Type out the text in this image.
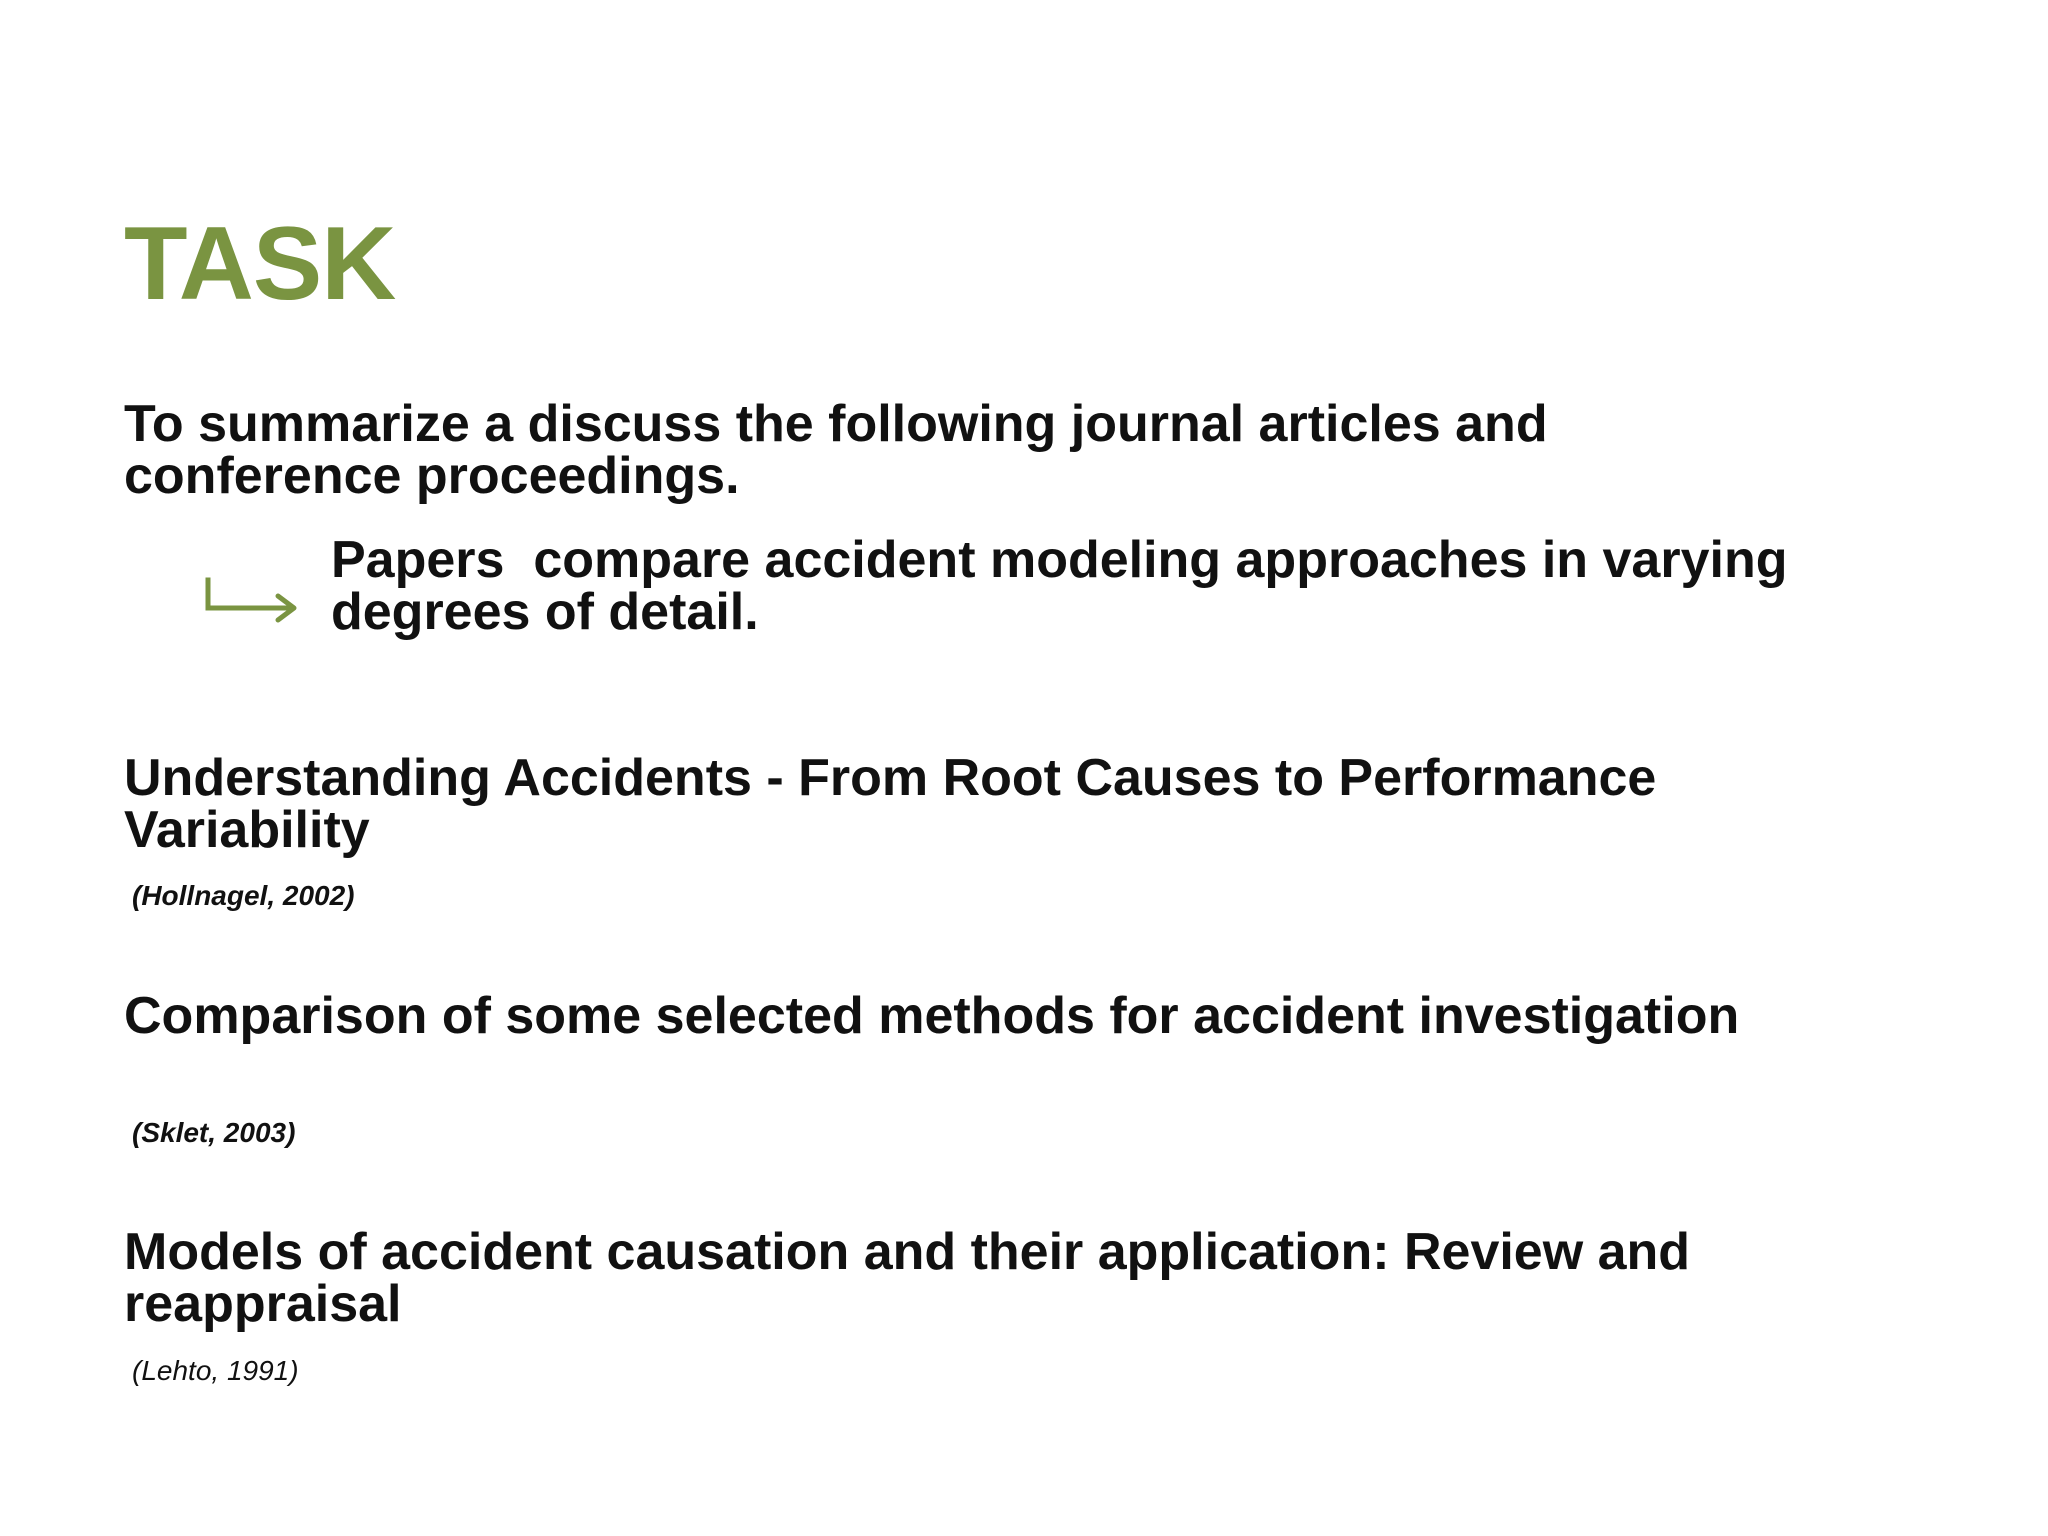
TASK

To summarize a discuss the following journal articles and conference proceedings.

Papers  compare accident modeling approaches in varying degrees of detail.

Understanding Accidents - From Root Causes to Performance Variability

(Hollnagel, 2002)

Comparison of some selected methods for accident investigation

(Sklet, 2003)

Models of accident causation and their application: Review and reappraisal

(Lehto, 1991)
